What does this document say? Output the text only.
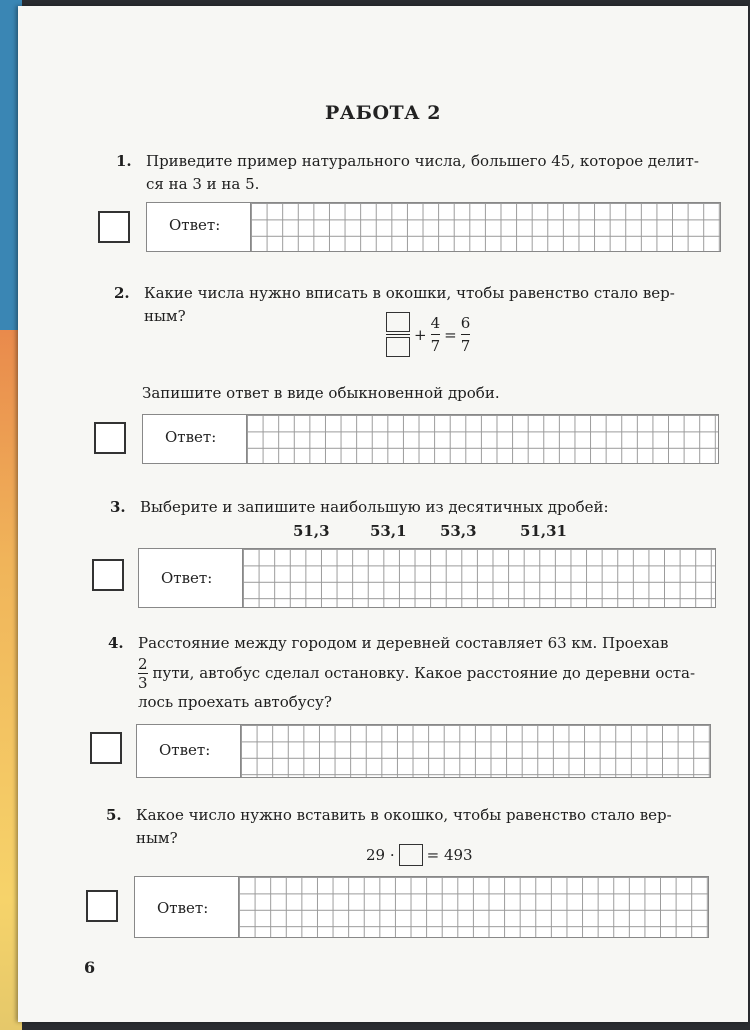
РАБОТА 2
1. Приведите пример натурального числа, большего 45, которое делит-
ся на 3 и на 5.
Ответ:
2. Какие числа нужно вписать в окошки, чтобы равенство стало вер-
ным?
+ $\frac{4}{7} = \frac{6}{7}$
Запишите ответ в виде обыкновенной дроби.
Ответ:
3. Выберите и запишите наибольшую из десятичных дробей:
51,3	53,1 53,3	51,31
Ответ:
4. Расстояние между городом и деревней составляет 63 км. Проехав
$\frac{2}{3}$ пути, автобус сделал остановку. Какое расстояние до деревни оста-
лось проехать автобусу?
Ответ:
5. Какое число нужно вставить в окошко, чтобы равенство стало вер-
ным?
29 · = 493
Ответ:
6
